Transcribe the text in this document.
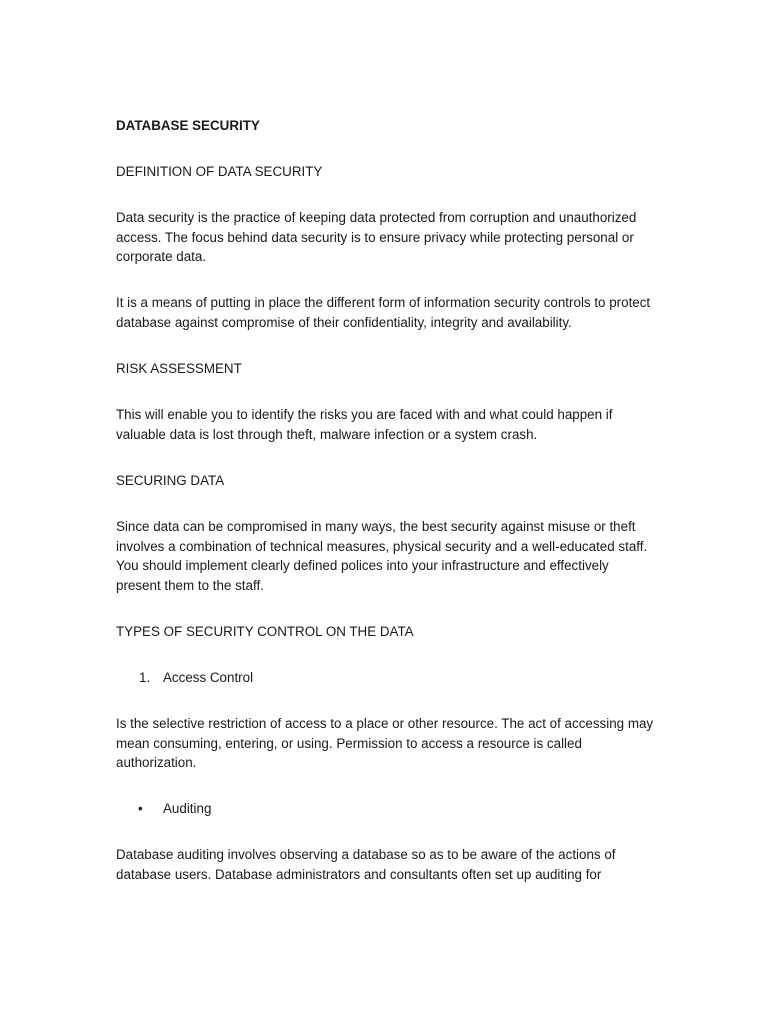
DATABASE SECURITY

DEFINITION OF DATA SECURITY

Data security is the practice of keeping data protected from corruption and unauthorized access. The focus behind data security is to ensure privacy while protecting personal or corporate data.

It is a means of putting in place the different form of information security controls to protect database against compromise of their confidentiality, integrity and availability.

RISK ASSESSMENT

This will enable you to identify the risks you are faced with and what could happen if valuable data is lost through theft, malware infection or a system crash.

SECURING DATA

Since data can be compromised in many ways, the best security against misuse or theft involves a combination of technical measures, physical security and a well-educated staff. You should implement clearly defined polices into your infrastructure and effectively present them to the staff.

TYPES OF SECURITY CONTROL ON THE DATA

1. Access Control

Is the selective restriction of access to a place or other resource. The act of accessing may mean consuming, entering, or using. Permission to access a resource is called authorization.

• Auditing

Database auditing involves observing a database so as to be aware of the actions of database users. Database administrators and consultants often set up auditing for
